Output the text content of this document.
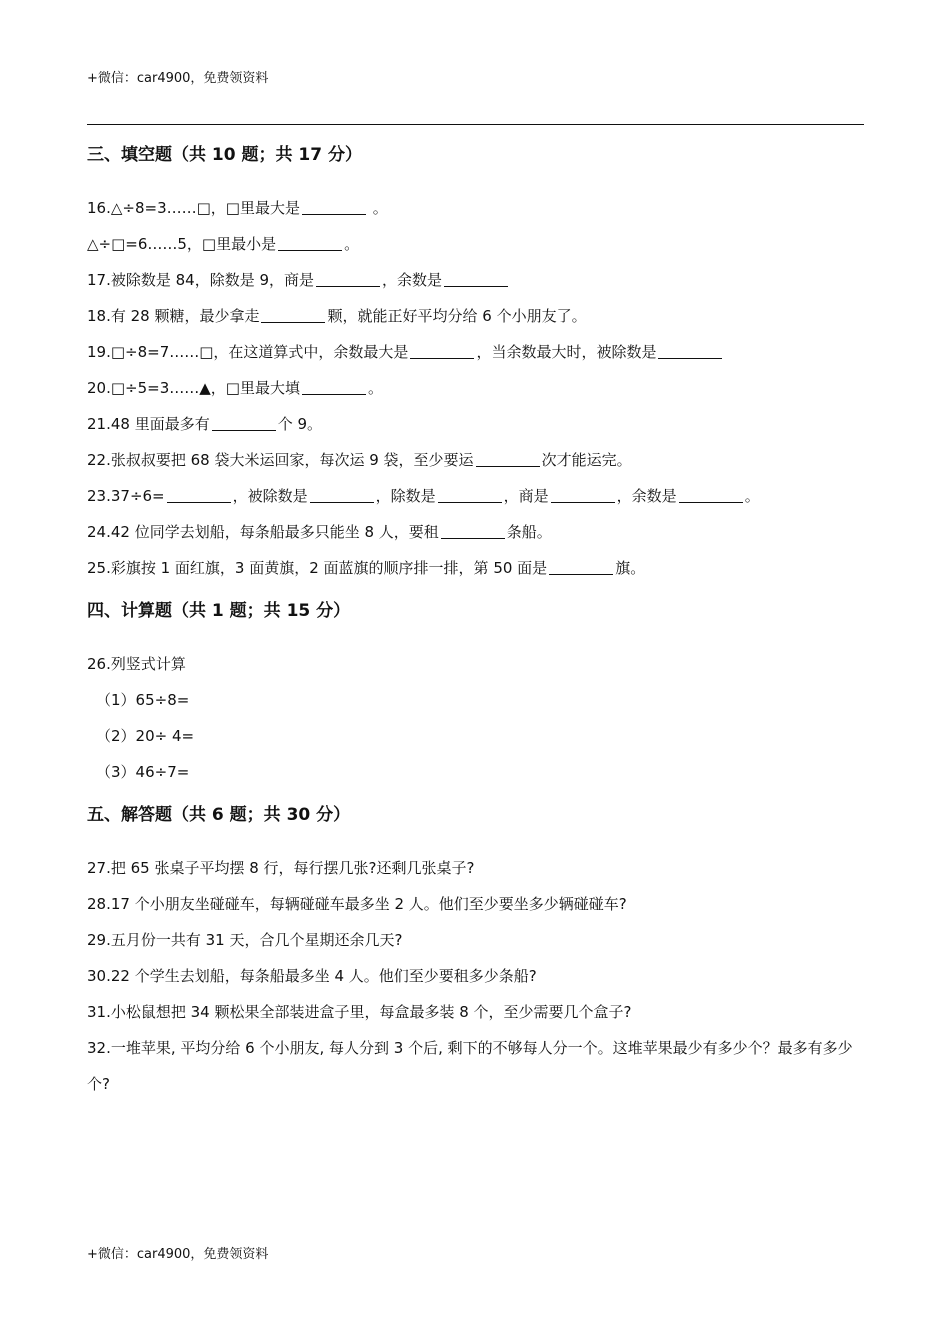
+微信：car4900，免费领资料
三、填空题（共 10 题；共 17 分）
16.△÷8=3……□，□里最大是	。
△÷□=6……5，□里最小是	。
17.被除数是 84，除数是 9，商是	，余数是
18.有 28 颗糖，最少拿走	颗，就能正好平均分给 6 个小朋友了。
19.□÷8=7……□，在这道算式中，余数最大是	，当余数最大时，被除数是
20.□÷5=3……▲，□里最大填	。
21.48 里面最多有	个 9。
22.张叔叔要把 68 袋大米运回家，每次运 9 袋，至少要运	次才能运完。
23.37÷6=	，被除数是	，除数是	，商是	，余数是	。
24.42 位同学去划船，每条船最多只能坐 8 人，要租	条船。
25.彩旗按 1 面红旗，3 面黄旗，2 面蓝旗的顺序排一排，第 50 面是	旗。
四、计算题（共 1 题；共 15 分）
26.列竖式计算
（1）65÷8=
（2）20÷ 4=
（3）46÷7=
五、解答题（共 6 题；共 30 分）
27.把 65 张桌子平均摆 8 行，每行摆几张?还剩几张桌子?
28.17 个小朋友坐碰碰车，每辆碰碰车最多坐 2 人。他们至少要坐多少辆碰碰车?
29.五月份一共有 31 天，合几个星期还余几天?
30.22 个学生去划船，每条船最多坐 4 人。他们至少要租多少条船?
31.小松鼠想把 34 颗松果全部装进盒子里，每盒最多装 8 个，至少需要几个盒子?
32.一堆苹果, 平均分给 6 个小朋友, 每人分到 3 个后, 剩下的不够每人分一个。这堆苹果最少有多少个？最多有多少个?
+微信：car4900，免费领资料
